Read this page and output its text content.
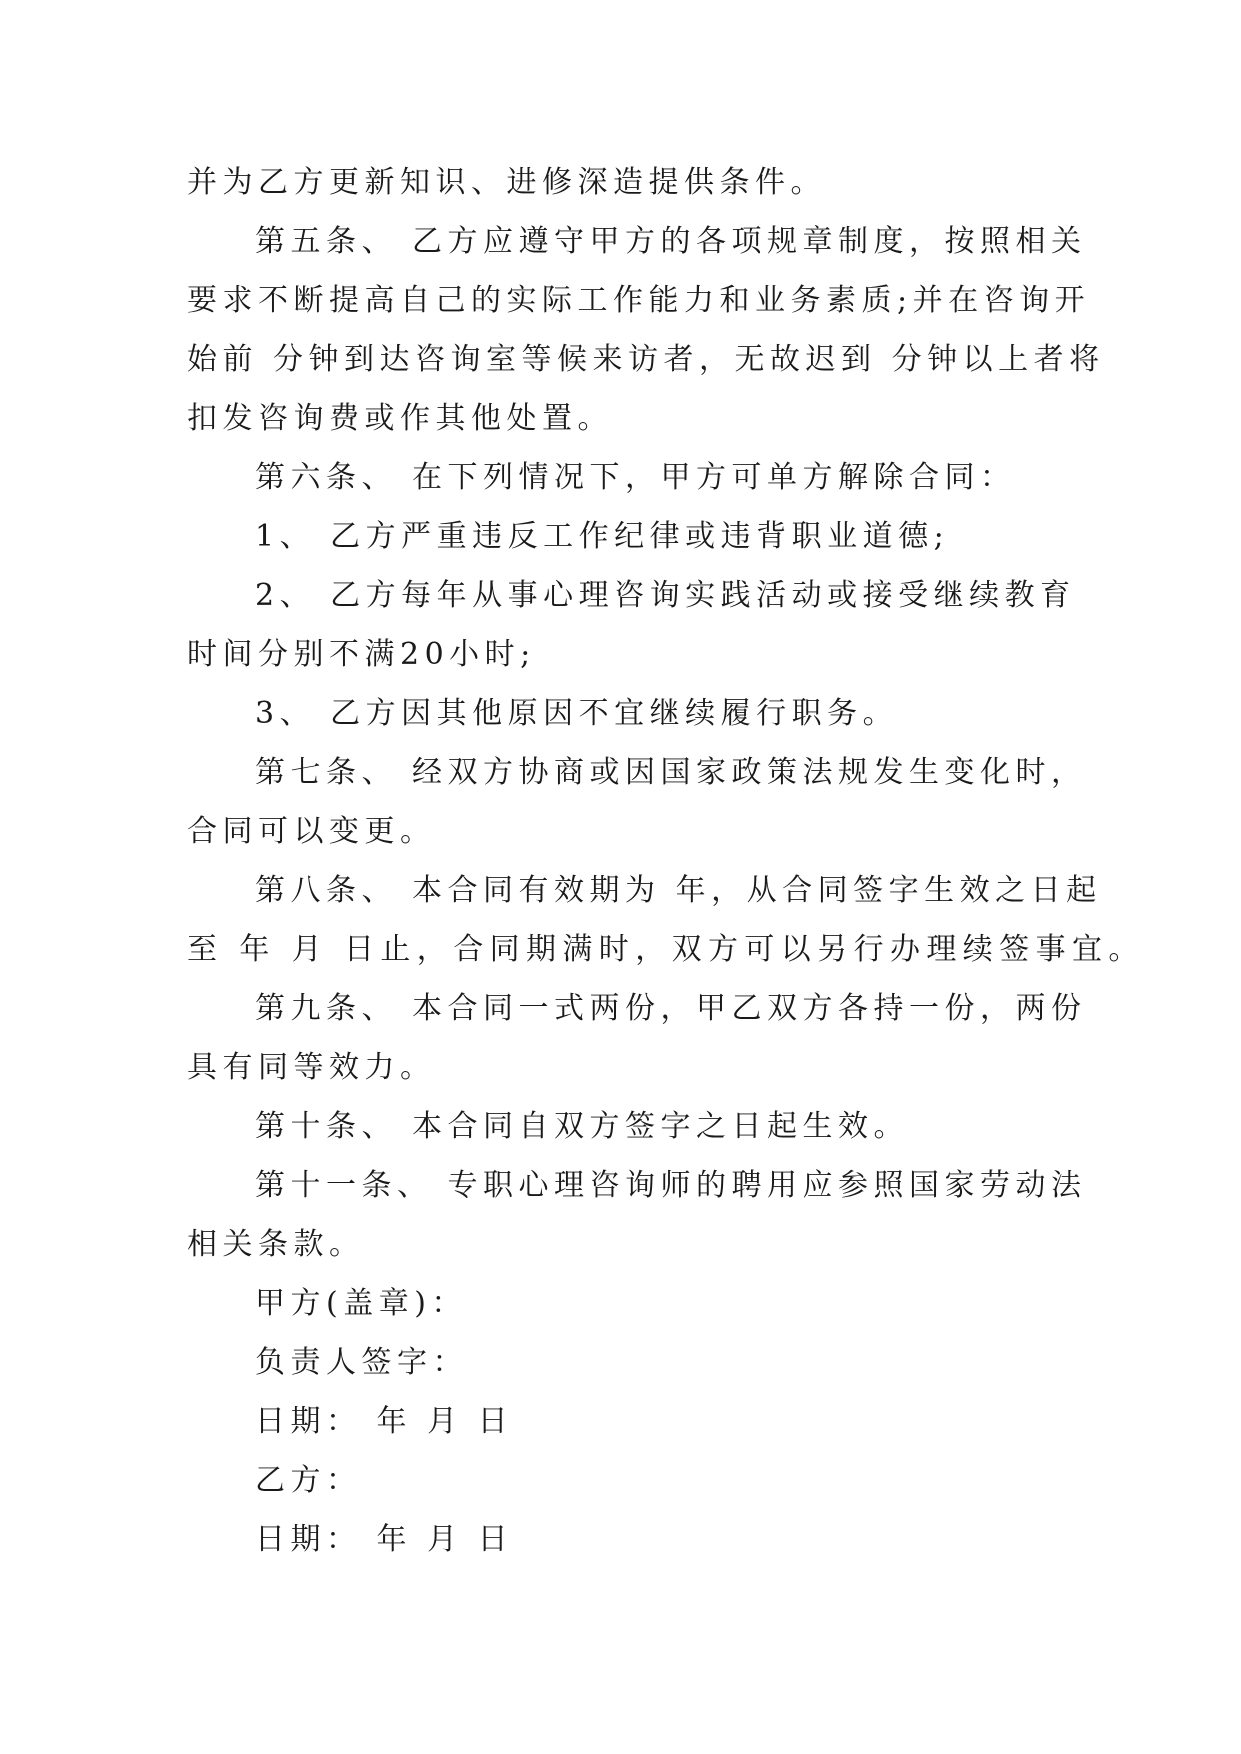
并为乙方更新知识、进修深造提供条件。
第五条、 乙方应遵守甲方的各项规章制度，按照相关
要求不断提高自己的实际工作能力和业务素质;并在咨询开
始前 分钟到达咨询室等候来访者，无故迟到 分钟以上者将
扣发咨询费或作其他处置。
第六条、 在下列情况下，甲方可单方解除合同：
1、 乙方严重违反工作纪律或违背职业道德;
2、 乙方每年从事心理咨询实践活动或接受继续教育
时间分别不满20小时;
3、 乙方因其他原因不宜继续履行职务。
第七条、 经双方协商或因国家政策法规发生变化时，
合同可以变更。
第八条、 本合同有效期为 年，从合同签字生效之日起
至 年 月 日止，合同期满时，双方可以另行办理续签事宜。
第九条、 本合同一式两份，甲乙双方各持一份，两份
具有同等效力。
第十条、 本合同自双方签字之日起生效。
第十一条、 专职心理咨询师的聘用应参照国家劳动法
相关条款。
甲方(盖章)：
负责人签字：
日期： 年 月 日
乙方：
日期： 年 月 日
